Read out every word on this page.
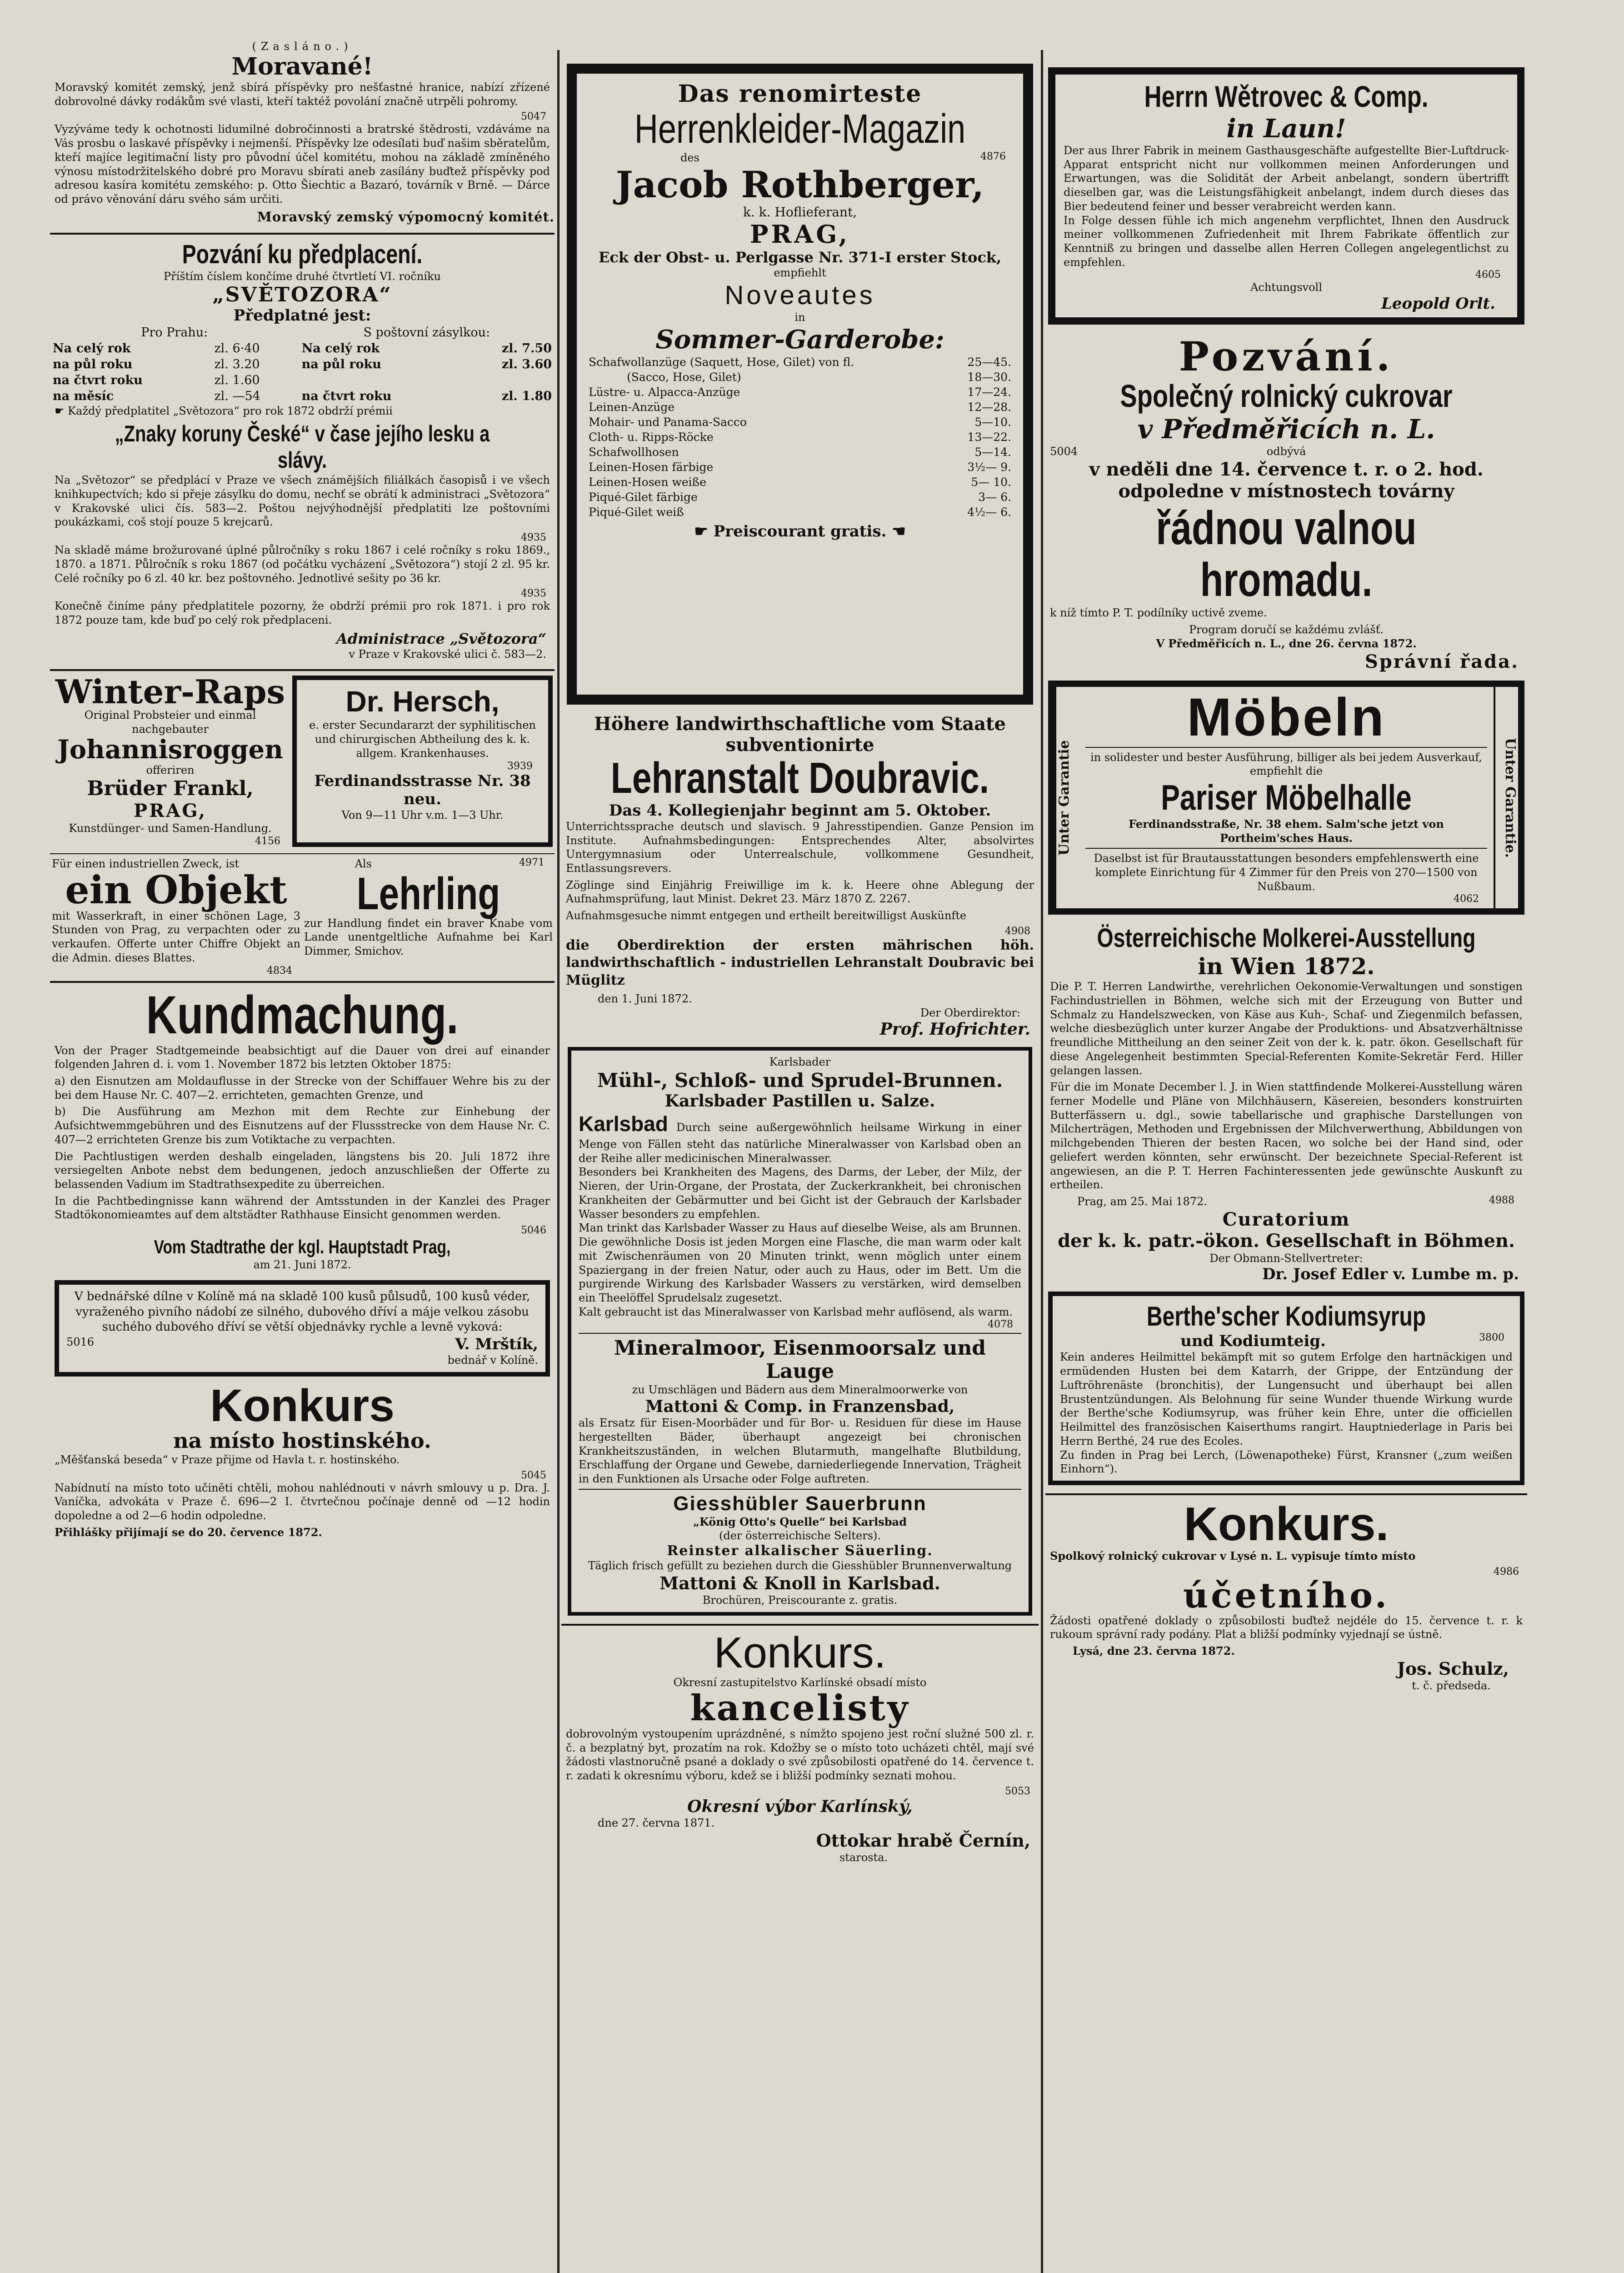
(Zasláno.)
Moravané!
Moravský komitét zemský, jenž sbírá příspěvky pro nešťastné hranice, nabízí zřízené dobrovolné dávky rodákům své vlasti, kteří taktéž povolání značně utrpěli pohromy.
5047
Vyzýváme tedy k ochotnosti lidumilné dobročinnosti a bratrské štědrosti, vzdáváme na Vás prosbu o laskavé příspěvky i nejmenší. Příspěvky lze odesílati buď našim sběratelům, kteří majíce legitimační listy pro původní účel komitétu, mohou na základě zmíněného výnosu místodržitelského dobré pro Moravu sbírati aneb zasílány buďtež příspěvky pod adresou kasíra komitétu zemského: p. Otto Šiechtic a Bazaró, továrník v Brně. — Dárce od právo věnování dáru svého sám určiti.
Moravský zemský výpomocný komitét.
Pozvání ku předplacení.
Příštím číslem končíme druhé čtvrtletí VI. ročníku
„SVĚTOZORA“
Předplatné jest:
Pro Prahu:		S poštovní zásylkou:	
Na celý rok	zl. 6·40	Na celý rok	zl. 7.50
na půl roku	zl. 3.20	na půl roku	zl. 3.60
na čtvrt roku	zl. 1.60		
na měsíc	zl. —54	na čtvrt roku	zl. 1.80
☛ Každý předplatitel „Světozora“ pro rok 1872 obdrží prémii
„Znaky koruny České“ v čase jejího lesku a slávy.
Na „Světozor“ se předplácí v Praze ve všech známějších filiálkách časopisů i ve všech knihkupectvích; kdo si přeje zásylku do domu, nechť se obrátí k administraci „Světozora“ v Krakovské ulici čís. 583—2. Poštou nejvýhodnější předplatiti lze poštovními poukázkami, coš stojí pouze 5 krejcarů.
4935
Na skladě máme brožurované úplné půlročníky s roku 1867 i celé ročníky s roku 1869., 1870. a 1871. Půlročník s roku 1867 (od počátku vycházení „Světozora“) stojí 2 zl. 95 kr. Celé ročníky po 6 zl. 40 kr. bez poštovného. Jednotlivé sešity po 36 kr.
4935
Konečně činíme pány předplatitele pozorny, že obdrží prémii pro rok 1871. i pro rok 1872 pouze tam, kde buď po celý rok předplaceni.
Administrace „Světozora“
v Praze v Krakovské ulici č. 583—2.
Winter-Raps
Original Probsteier und einmal
nachgebauter
Johannisroggen
offeriren
Brüder Frankl,
PRAG,
Kunstdünger- und Samen-Handlung.
4156
Dr. Hersch,
e. erster Secundararzt der syphilitischen und chirurgischen Abtheilung des k. k. allgem. Krankenhauses.
3939
Ferdinandsstrasse Nr. 38 neu.
Von 9—11 Uhr v.m. 1—3 Uhr.
Für einen industriellen Zweck, ist
ein Objekt
mit Wasserkraft, in einer schönen Lage, 3 Stunden von Prag, zu verpachten oder zu verkaufen. Offerte unter Chiffre Objekt an die Admin. dieses Blattes.
4834
Als	4971
Lehrling
zur Handlung findet ein braver Knabe vom Lande unentgeltliche Aufnahme bei Karl Dimmer, Smichov.
Kundmachung.
Von der Prager Stadtgemeinde beabsichtigt auf die Dauer von drei auf einander folgenden Jahren d. i. vom 1. November 1872 bis letzten Oktober 1875:
a) den Eisnutzen am Moldauflusse in der Strecke von der Schiffauer Wehre bis zu der bei dem Hause Nr. C. 407—2. errichteten, gemachten Grenze, und
b) Die Ausführung am Mezhon mit dem Rechte zur Einhebung der Aufsichtwemmgebühren und des Eisnutzens auf der Flussstrecke von dem Hause Nr. C. 407—2 errichteten Grenze bis zum Votiktache zu verpachten.
Die Pachtlustigen werden deshalb eingeladen, längstens bis 20. Juli 1872 ihre versiegelten Anbote nebst dem bedungenen, jedoch anzuschließen der Offerte zu belassenden Vadium im Stadtrathsexpedite zu überreichen.
In die Pachtbedingnisse kann während der Amtsstunden in der Kanzlei des Prager Stadtökonomieamtes auf dem altstädter Rathhause Einsicht genommen werden.
5046
Vom Stadtrathe der kgl. Hauptstadt Prag,
am 21. Juni 1872.
V bednářské dílne v Kolíně má na skladě 100 kusů půlsudů, 100 kusů véder, vyraženého pivního nádobí ze silného, dubového dříví a máje velkou zásobu suchého dubového dříví se větší objednávky rychle a levně vyková:
5016	V. Mrštík,
bednář v Kolíně.
Konkurs
na místo hostinského.
„Měšťanská beseda“ v Praze přijme od Havla t. r. hostinského.
5045
Nabídnutí na místo toto učiněti chtěli, mohou nahlédnouti v návrh smlouvy u p. Dra. J. Vaníčka, advokáta v Praze č. 696—2 I. čtvrtečnou počínaje denně od —12 hodin dopoledne a od 2—6 hodin odpoledne.
Přihlášky přijímají se do 20. července 1872.
Das renomirteste
Herrenkleider-Magazin
des	4876
Jacob Rothberger,
k. k. Hoflieferant,
PRAG,
Eck der Obst- u. Perlgasse Nr. 371-I erster Stock,
empfiehlt
Noveautes
in
Sommer-Garderobe:
Schafwollanzüge (Saquett, Hose, Gilet) von fl.	25—45.
(Sacco, Hose, Gilet)	18—30.
Lüstre- u. Alpacca-Anzüge	17—24.
Leinen-Anzüge	12—28.
Mohair- und Panama-Sacco	5—10.
Cloth- u. Ripps-Röcke	13—22.
Schafwollhosen	5—14.
Leinen-Hosen färbige	3½— 9.
Leinen-Hosen weiße	5— 10.
Piqué-Gilet färbige	3— 6.
Piqué-Gilet weiß	4½— 6.
☛ Preiscourant gratis. ☚
Höhere landwirthschaftliche vom Staate subventionirte
Lehranstalt Doubravic.
Das 4. Kollegienjahr beginnt am 5. Oktober.
Unterrichtssprache deutsch und slavisch. 9 Jahresstipendien. Ganze Pension im Institute. Aufnahmsbedingungen: Entsprechendes Alter, absolvirtes Untergymnasium oder Unterrealschule, vollkommene Gesundheit, Entlassungsrevers.
Zöglinge sind Einjährig Freiwillige im k. k. Heere ohne Ablegung der Aufnahmsprüfung, laut Minist. Dekret 23. März 1870 Z. 2267.
Aufnahmsgesuche nimmt entgegen und ertheilt bereitwilligst Auskünfte
4908
die Oberdirektion der ersten mährischen höh. landwirthschaftlich - industriellen Lehranstalt Doubravic bei Müglitz
den 1. Juni 1872.
Der Oberdirektor:
Prof. Hofrichter.
Karlsbader
Mühl-, Schloß- und Sprudel-Brunnen.
Karlsbader Pastillen u. Salze.
Karlsbad Durch seine außergewöhnlich heilsame Wirkung in einer Menge von Fällen steht das natürliche Mineralwasser von Karlsbad oben an der Reihe aller medicinischen Mineralwasser.
Besonders bei Krankheiten des Magens, des Darms, der Leber, der Milz, der Nieren, der Urin-Organe, der Prostata, der Zuckerkrankheit, bei chronischen Krankheiten der Gebärmutter und bei Gicht ist der Gebrauch der Karlsbader Wasser besonders zu empfehlen.
Man trinkt das Karlsbader Wasser zu Haus auf dieselbe Weise, als am Brunnen. Die gewöhnliche Dosis ist jeden Morgen eine Flasche, die man warm oder kalt mit Zwischenräumen von 20 Minuten trinkt, wenn möglich unter einem Spaziergang in der freien Natur, oder auch zu Haus, oder im Bett. Um die purgirende Wirkung des Karlsbader Wassers zu verstärken, wird demselben ein Theelöffel Sprudelsalz zugesetzt.
Kalt gebraucht ist das Mineralwasser von Karlsbad mehr auflösend, als warm.
4078
Mineralmoor, Eisenmoorsalz und Lauge
zu Umschlägen und Bädern aus dem Mineralmoorwerke von
Mattoni & Comp. in Franzensbad,
als Ersatz für Eisen-Moorbäder und für Bor- u. Residuen für diese im Hause hergestellten Bäder, überhaupt angezeigt bei chronischen Krankheitszuständen, in welchen Blutarmuth, mangelhafte Blutbildung, Erschlaffung der Organe und Gewebe, darniederliegende Innervation, Trägheit in den Funktionen als Ursache oder Folge auftreten.
Giesshübler Sauerbrunn
„König Otto's Quelle“ bei Karlsbad
(der österreichische Selters).
Reinster alkalischer Säuerling.
Täglich frisch gefüllt zu beziehen durch die Giesshübler Brunnenverwaltung
Mattoni & Knoll in Karlsbad.
Brochüren, Preiscourante z. gratis.
Konkurs.
Okresní zastupitelstvo Karlínské obsadí místo
kancelisty
dobrovolným vystoupením uprázdněné, s nímžto spojeno jest roční služné 500 zl. r. č. a bezplatný byt, prozatím na rok. Kdožby se o místo toto ucházeti chtěl, mají své žádosti vlastnoručně psané a doklady o své způsobilosti opatřené do 14. července t. r. zadati k okresnímu výboru, kdež se i bližší podmínky seznati mohou.
5053
Okresní výbor Karlínský,
dne 27. června 1871.
Ottokar hrabě Černín,
starosta.
Herrn Wětrovec & Comp.
in Laun!
Der aus Ihrer Fabrik in meinem Gasthausgeschäfte aufgestellte Bier-Luftdruck-Apparat entspricht nicht nur vollkommen meinen Anforderungen und Erwartungen, was die Solidität der Arbeit anbelangt, sondern übertrifft dieselben gar, was die Leistungsfähigkeit anbelangt, indem durch dieses das Bier bedeutend feiner und besser verabreicht werden kann.
In Folge dessen fühle ich mich angenehm verpflichtet, Ihnen den Ausdruck meiner vollkommenen Zufriedenheit mit Ihrem Fabrikate öffentlich zur Kenntniß zu bringen und dasselbe allen Herren Collegen angelegentlichst zu empfehlen.
4605
Achtungsvoll
Leopold Orlt.
Pozvání.
Společný rolnický cukrovar
v Předměřicích n. L.
5004	odbývá
v neděli dne 14. července t. r. o 2. hod. odpoledne v místnostech továrny
řádnou valnou hromadu.
k níž tímto P. T. podílníky uctivě zveme.
Program doručí se každému zvlášť.
V Předměřicích n. L., dne 26. června 1872.
Správní řada.
Unter Garantie
Möbeln
in solidester und bester Ausführung, billiger als bei jedem Ausverkauf, empfiehlt die
Pariser Möbelhalle
Ferdinandsstraße, Nr. 38 ehem. Salm'sche jetzt von Portheim'sches Haus.
Daselbst ist für Brautausstattungen besonders empfehlenswerth eine komplete Einrichtung für 4 Zimmer für den Preis von 270—1500 von Nußbaum.
4062
Unter Garantie.
Österreichische Molkerei-Ausstellung
in Wien 1872.
Die P. T. Herren Landwirthe, verehrlichen Oekonomie-Verwaltungen und sonstigen Fachindustriellen in Böhmen, welche sich mit der Erzeugung von Butter und Schmalz zu Handelszwecken, von Käse aus Kuh-, Schaf- und Ziegenmilch befassen, welche diesbezüglich unter kurzer Angabe der Produktions- und Absatzverhältnisse freundliche Mittheilung an den seiner Zeit von der k. k. patr. ökon. Gesellschaft für diese Angelegenheit bestimmten Special-Referenten Komite-Sekretär Ferd. Hiller gelangen lassen.
Für die im Monate December l. J. in Wien stattfindende Molkerei-Ausstellung wären ferner Modelle und Pläne von Milchhäusern, Käsereien, besonders konstruirten Butterfässern u. dgl., sowie tabellarische und graphische Darstellungen von Milcherträgen, Methoden und Ergebnissen der Milchverwerthung, Abbildungen von milchgebenden Thieren der besten Racen, wo solche bei der Hand sind, oder geliefert werden könnten, sehr erwünscht. Der bezeichnete Special-Referent ist angewiesen, an die P. T. Herren Fachinteressenten jede gewünschte Auskunft zu ertheilen.
Prag, am 25. Mai 1872.	4988
Curatorium
der k. k. patr.-ökon. Gesellschaft in Böhmen.
Der Obmann-Stellvertreter:
Dr. Josef Edler v. Lumbe m. p.
Berthe'scher Kodiumsyrup
und Kodiumteig.	3800
Kein anderes Heilmittel bekämpft mit so gutem Erfolge den hartnäckigen und ermüdenden Husten bei dem Katarrh, der Grippe, der Entzündung der Luftröhrenäste (bronchitis), der Lungensucht und überhaupt bei allen Brustentzündungen. Als Belohnung für seine Wunder thuende Wirkung wurde der Berthe'sche Kodiumsyrup, was früher kein Ehre, unter die officiellen Heilmittel des französischen Kaiserthums rangirt. Hauptniederlage in Paris bei Herrn Berthé, 24 rue des Ecoles.
Zu finden in Prag bei Lerch, (Löwenapotheke) Fürst, Kransner („zum weißen Einhorn“).
Konkurs.
Spolkový rolnický cukrovar v Lysé n. L. vypisuje tímto místo
4986
účetního.
Žádosti opatřené doklady o způsobilosti buďtež nejdéle do 15. července t. r. k rukoum správní rady podány. Plat a bližší podmínky vyjednají se ústně.
Lysá, dne 23. června 1872.
Jos. Schulz,
t. č. předseda.
